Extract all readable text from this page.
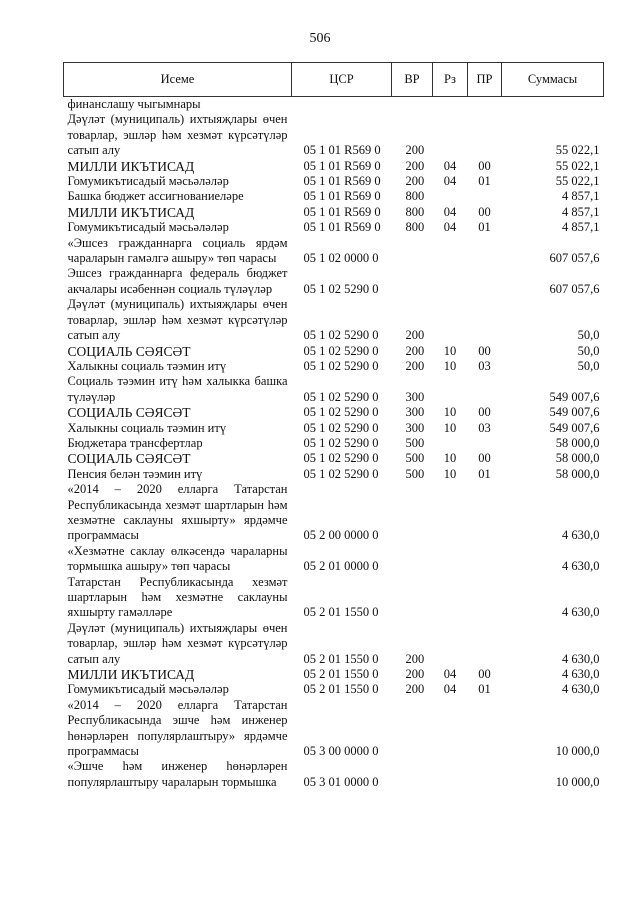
506
Исеме	ЦСР	ВР	Рз	ПР	Суммасы
финанслашу чыгымнары					
Дәүләт (муниципаль) ихтыяҗлары өчен товарлар, эшләр һәм хезмәт күрсәтүләр сатып алу	05 1 01 R569 0	200			55 022,1
МИЛЛИ ИКЪТИСАД	05 1 01 R569 0	200	04	00	55 022,1
Гомумикътисадый мәсьәләләр	05 1 01 R569 0	200	04	01	55 022,1
Башка бюджет ассигнованиеләре	05 1 01 R569 0	800			4 857,1
МИЛЛИ ИКЪТИСАД	05 1 01 R569 0	800	04	00	4 857,1
Гомумикътисадый мәсьәләләр	05 1 01 R569 0	800	04	01	4 857,1
«Эшсез гражданнарга социаль ярдәм чараларын гамәлгә ашыру» төп чарасы	05 1 02 0000 0				607 057,6
Эшсез гражданнарга федераль бюджет акчалары исәбеннән социаль түләүләр	05 1 02 5290 0				607 057,6
Дәүләт (муниципаль) ихтыяҗлары өчен товарлар, эшләр һәм хезмәт күрсәтүләр сатып алу	05 1 02 5290 0	200			50,0
СОЦИАЛЬ СӘЯСӘТ	05 1 02 5290 0	200	10	00	50,0
Халыкны социаль тәэмин итү	05 1 02 5290 0	200	10	03	50,0
Социаль тәэмин итү һәм халыкка башка түләүләр	05 1 02 5290 0	300			549 007,6
СОЦИАЛЬ СӘЯСӘТ	05 1 02 5290 0	300	10	00	549 007,6
Халыкны социаль тәэмин итү	05 1 02 5290 0	300	10	03	549 007,6
Бюджетара трансфертлар	05 1 02 5290 0	500			58 000,0
СОЦИАЛЬ СӘЯСӘТ	05 1 02 5290 0	500	10	00	58 000,0
Пенсия белән тәэмин итү	05 1 02 5290 0	500	10	01	58 000,0
«2014 – 2020 елларга Татарстан Республикасында хезмәт шартларын һәм хезмәтне саклауны яхшырту» ярдәмче программасы	05 2 00 0000 0				4 630,0
«Хезмәтне саклау өлкәсендә чараларны тормышка ашыру» төп чарасы	05 2 01 0000 0				4 630,0
Татарстан Республикасында хезмәт шартларын һәм хезмәтне саклауны яхшырту гамәлләре	05 2 01 1550 0				4 630,0
Дәүләт (муниципаль) ихтыяҗлары өчен товарлар, эшләр һәм хезмәт күрсәтүләр сатып алу	05 2 01 1550 0	200			4 630,0
МИЛЛИ ИКЪТИСАД	05 2 01 1550 0	200	04	00	4 630,0
Гомумикътисадый мәсьәләләр	05 2 01 1550 0	200	04	01	4 630,0
«2014 – 2020 елларга Татарстан Республикасында эшче һәм инженер һөнәрләрен популярлаштыру» ярдәмче программасы	05 3 00 0000 0				10 000,0
«Эшче һәм инженер һөнәрләрен популярлаштыру чараларын тормышка	05 3 01 0000 0				10 000,0
